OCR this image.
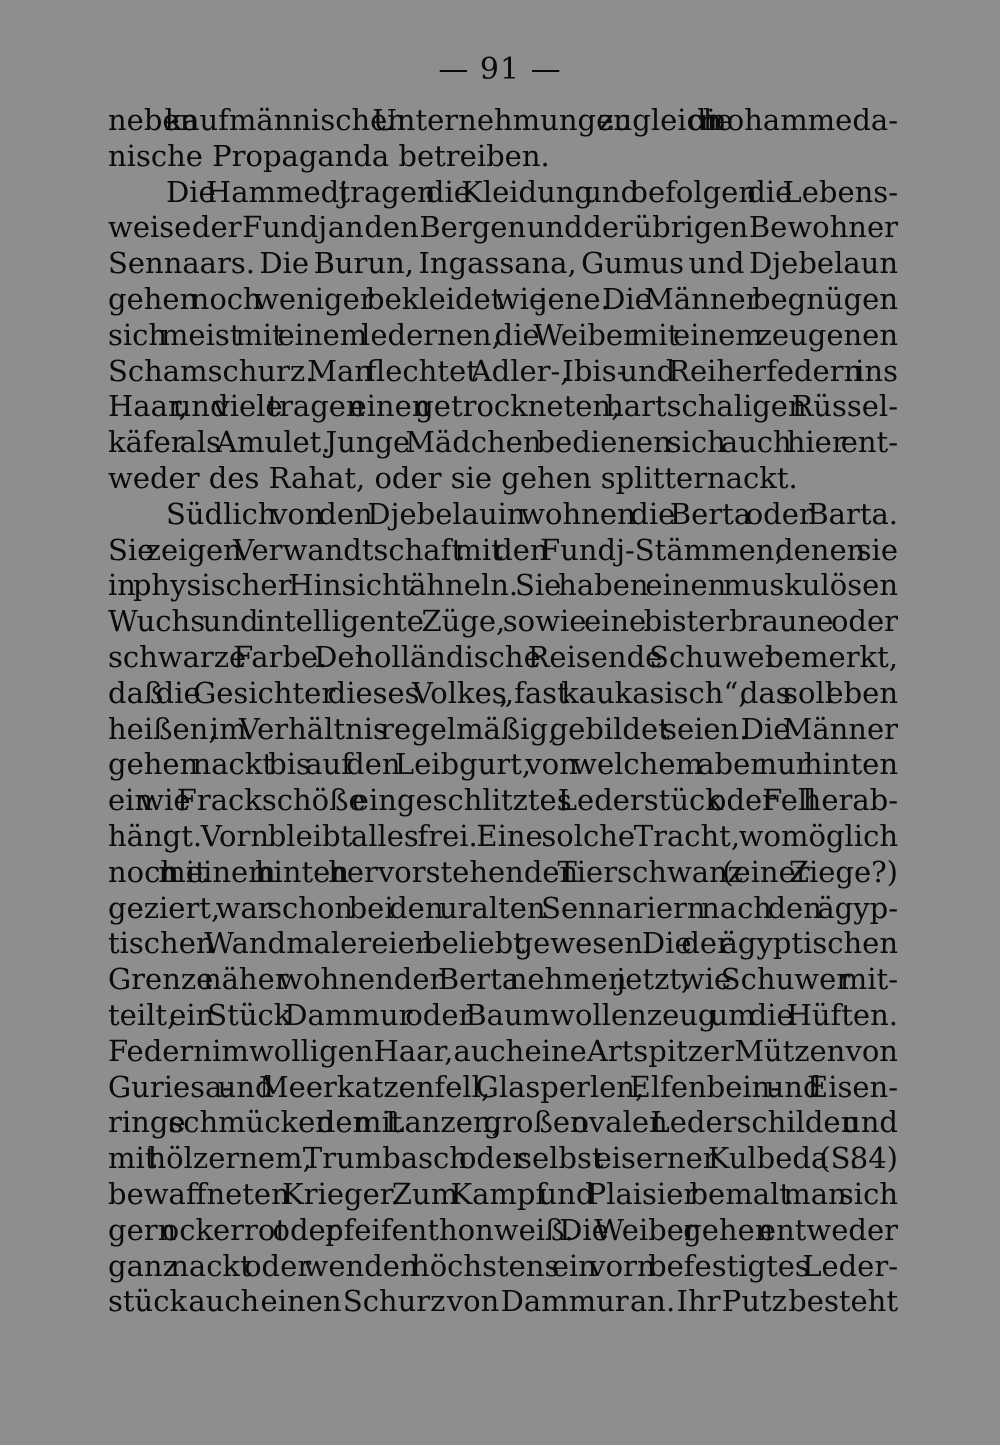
— 91 —
neben kaufmännischen Unternehmungen zugleich die mohammeda-
nische Propaganda betreiben.
Die Hammedj tragen die Kleidung und befolgen die Lebens-
weise der Fundj an den Bergen und der übrigen Bewohner
Sennaars. Die Burun, Ingassana, Gumus und Djebelaun
gehen noch weniger bekleidet wie jene. Die Männer begnügen
sich meist mit einem ledernen, die Weiber mit einem zeugenen
Schamschurz. Man flechtet Adler-, Ibis- und Reiherfedern ins
Haar, und viele tragen einen getrockneten, hartschaligen Rüssel-
käfer als Amulet. Junge Mädchen bedienen sich auch hier ent-
weder des Rahat, oder sie gehen splitternackt.
Südlich von den Djebelauin wohnen die Berta oder Barta.
Sie zeigen Verwandtschaft mit den Fundj-Stämmen, denen sie
in physischer Hinsicht ähneln. Sie haben einen muskulösen
Wuchs und intelligente Züge, sowie eine bisterbraune oder
schwarze Farbe. Der holländische Reisende Schuwer bemerkt,
daß die Gesichter dieses Volkes „fast kaukasisch“, das soll eben
heißen, im Verhältnis regelmäßig, gebildet seien. Die Männer
gehen nackt bis auf den Leibgurt, von welchem aber nur hinten
ein wie Frackschöße eingeschlitztes Lederstück oder Fell herab-
hängt. Vorn bleibt alles frei. Eine solche Tracht, womöglich
noch mit einem hinten hervorstehenden Tierschwanz (einer Ziege?)
geziert, war schon bei den uralten Sennariern nach den ägyp-
tischen Wandmalereien beliebt gewesen. Die der ägyptischen
Grenze näher wohnenden Berta nehmen jetzt, wie Schuwer mit-
teilt, ein Stück Dammur oder Baumwollenzeug um die Hüften.
Federn im wolligen Haar, auch eine Art spitzer Mützen von
Guriesa- und Meerkatzenfell, Glasperlen, Elfenbein- und Eisen-
ringe schmücken den mit Lanzen, großen ovalen Lederschilden und
mit hölzernem, Trumbasch oder selbst eiserner Kulbeda (S. 84)
bewaffneten Krieger. Zum Kampf und Plaisier bemalt man sich
gern ockerrot oder pfeifenthonweiß. Die Weiber gehen entweder
ganz nackt oder wenden höchstens ein vorn befestigtes Leder-
stück auch einen Schurz von Dammur an. Ihr Putz besteht
